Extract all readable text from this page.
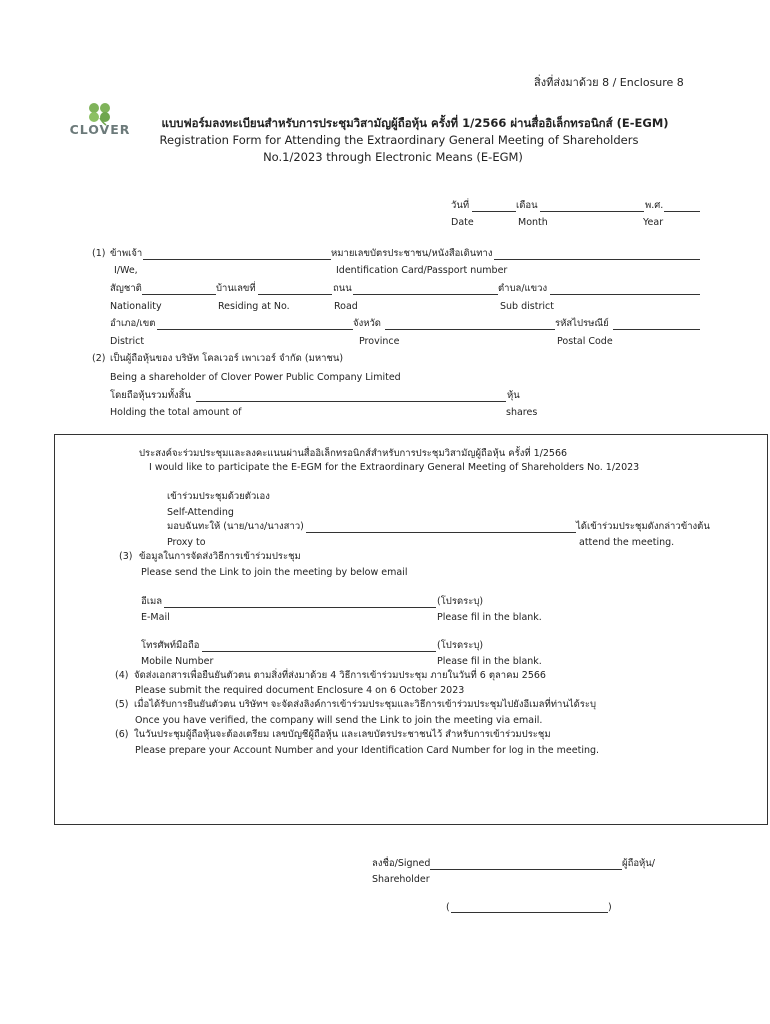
สิ่งที่ส่งมาด้วย 8 / Enclosure 8
CLOVER	แบบฟอร์มลงทะเบียนสำหรับการประชุมวิสามัญผู้ถือหุ้น ครั้งที่ 1/2566 ผ่านสื่ออิเล็กทรอนิกส์ (E-EGM)
Registration Form for Attending the Extraordinary General Meeting of Shareholders
No.1/2023 through Electronic Means (E-EGM)
วันที่	เดือน	พ.ศ.
Date	Month	Year
(1) ข้าพเจ้า	หมายเลขบัตรประชาชน/หนังสือเดินทาง
I/We,	Identification Card/Passport number
สัญชาติ	บ้านเลขที่	ถนน	ตำบล/แขวง
Nationality	Residing at No.	Road	Sub district
อำเภอ/เขต	จังหวัด	รหัสไปรษณีย์
District	Province	Postal Code
(2) เป็นผู้ถือหุ้นของ บริษัท โคลเวอร์ เพาเวอร์ จำกัด (มหาชน)
Being a shareholder of Clover Power Public Company Limited
โดยถือหุ้นรวมทั้งสิ้น	หุ้น
Holding the total amount of	shares
ประสงค์จะร่วมประชุมและลงคะแนนผ่านสื่ออิเล็กทรอนิกส์สำหรับการประชุมวิสามัญผู้ถือหุ้น ครั้งที่ 1/2566
I would like to participate the E-EGM for the Extraordinary General Meeting of Shareholders No. 1/2023
เข้าร่วมประชุมด้วยตัวเอง
Self-Attending
มอบฉันทะให้ (นาย/นาง/นางสาว)	ได้เข้าร่วมประชุมดังกล่าวข้างต้น
Proxy to	attend the meeting.
(3) ข้อมูลในการจัดส่งวิธีการเข้าร่วมประชุม
Please send the Link to join the meeting by below email
อีเมล	(โปรดระบุ)
E-Mail	Please fil in the blank.
โทรศัพท์มือถือ	(โปรดระบุ)
Mobile Number	Please fil in the blank.
(4) จัดส่งเอกสารเพื่อยืนยันตัวตน ตามสิ่งที่ส่งมาด้วย 4 วิธีการเข้าร่วมประชุม ภายในวันที่ 6 ตุลาคม 2566
Please submit the required document Enclosure 4 on 6 October 2023
(5) เมื่อได้รับการยืนยันตัวตน บริษัทฯ จะจัดส่งลิงค์การเข้าร่วมประชุมและวิธีการเข้าร่วมประชุมไปยังอีเมลที่ท่านได้ระบุ
Once you have verified, the company will send the Link to join the meeting via email.
(6) ในวันประชุมผู้ถือหุ้นจะต้องเตรียม เลขบัญชีผู้ถือหุ้น และเลขบัตรประชาชนไว้ สำหรับการเข้าร่วมประชุม
Please prepare your Account Number and your Identification Card Number for log in the meeting.
ลงชื่อ/Signed	ผู้ถือหุ้น/
Shareholder
(	)
